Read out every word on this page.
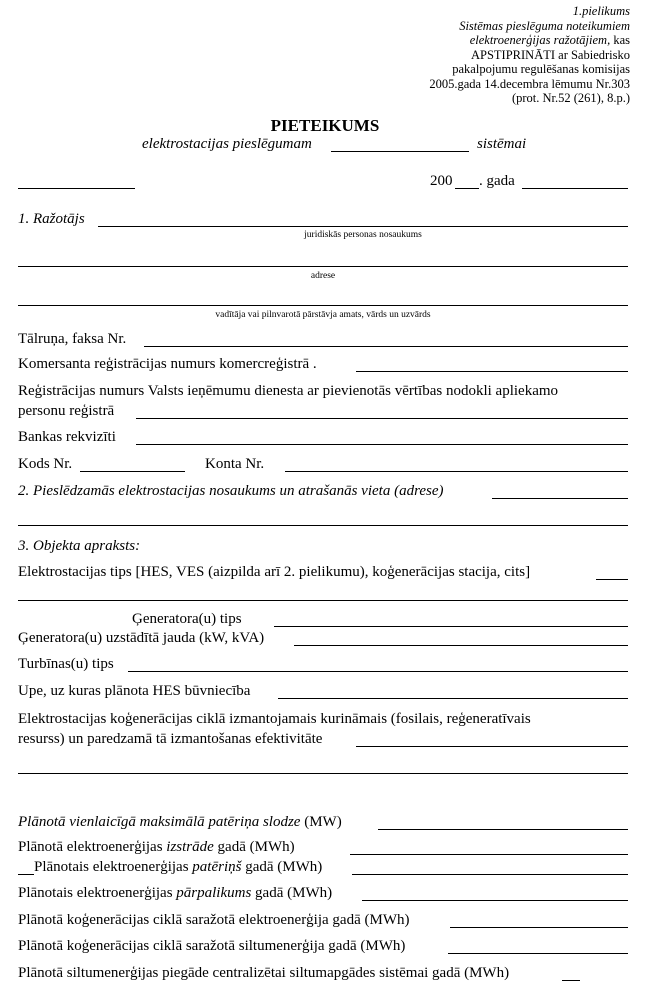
1.pielikums
Sistēmas pieslēguma noteikumiem
elektroenerģijas ražotājiem, kas
APSTIPRINĀTI ar Sabiedrisko
pakalpojumu regulēšanas komisijas
2005.gada 14.decembra lēmumu Nr.303
(prot. Nr.52 (261), 8.p.)
PIETEIKUMS
elektrostacijas pieslēgumam	sistēmai
200 . gada
1. Ražotājs
juridiskās personas nosaukums
adrese
vadītāja vai pilnvarotā pārstāvja amats, vārds un uzvārds
Tālruņa, faksa Nr.
Komersanta reģistrācijas numurs komercreģistrā .
Reģistrācijas numurs Valsts ieņēmumu dienesta ar pievienotās vērtības nodokli apliekamo
personu reģistrā
Bankas rekvizīti
Kods Nr.	Konta Nr.
2. Pieslēdzamās elektrostacijas nosaukums un atrašanās vieta (adrese)
3. Objekta apraksts:
Elektrostacijas tips [HES, VES (aizpilda arī 2. pielikumu), koģenerācijas stacija, cits]
Ģeneratora(u) tips
Ģeneratora(u) uzstādītā jauda (kW, kVA)
Turbīnas(u) tips
Upe, uz kuras plānota HES būvniecība
Elektrostacijas koģenerācijas ciklā izmantojamais kurināmais (fosilais, reģeneratīvais
resurss) un paredzamā tā izmantošanas efektivitāte
Plānotā vienlaicīgā maksimālā patēriņa slodze (MW)
Plānotā elektroenerģijas izstrāde gadā (MWh)
Plānotais elektroenerģijas patēriņš gadā (MWh)
Plānotais elektroenerģijas pārpalikums gadā (MWh)
Plānotā koģenerācijas ciklā saražotā elektroenerģija gadā (MWh)
Plānotā koģenerācijas ciklā saražotā siltumenerģija gadā (MWh)
Plānotā siltumenerģijas piegāde centralizētai siltumapgādes sistēmai gadā (MWh)
